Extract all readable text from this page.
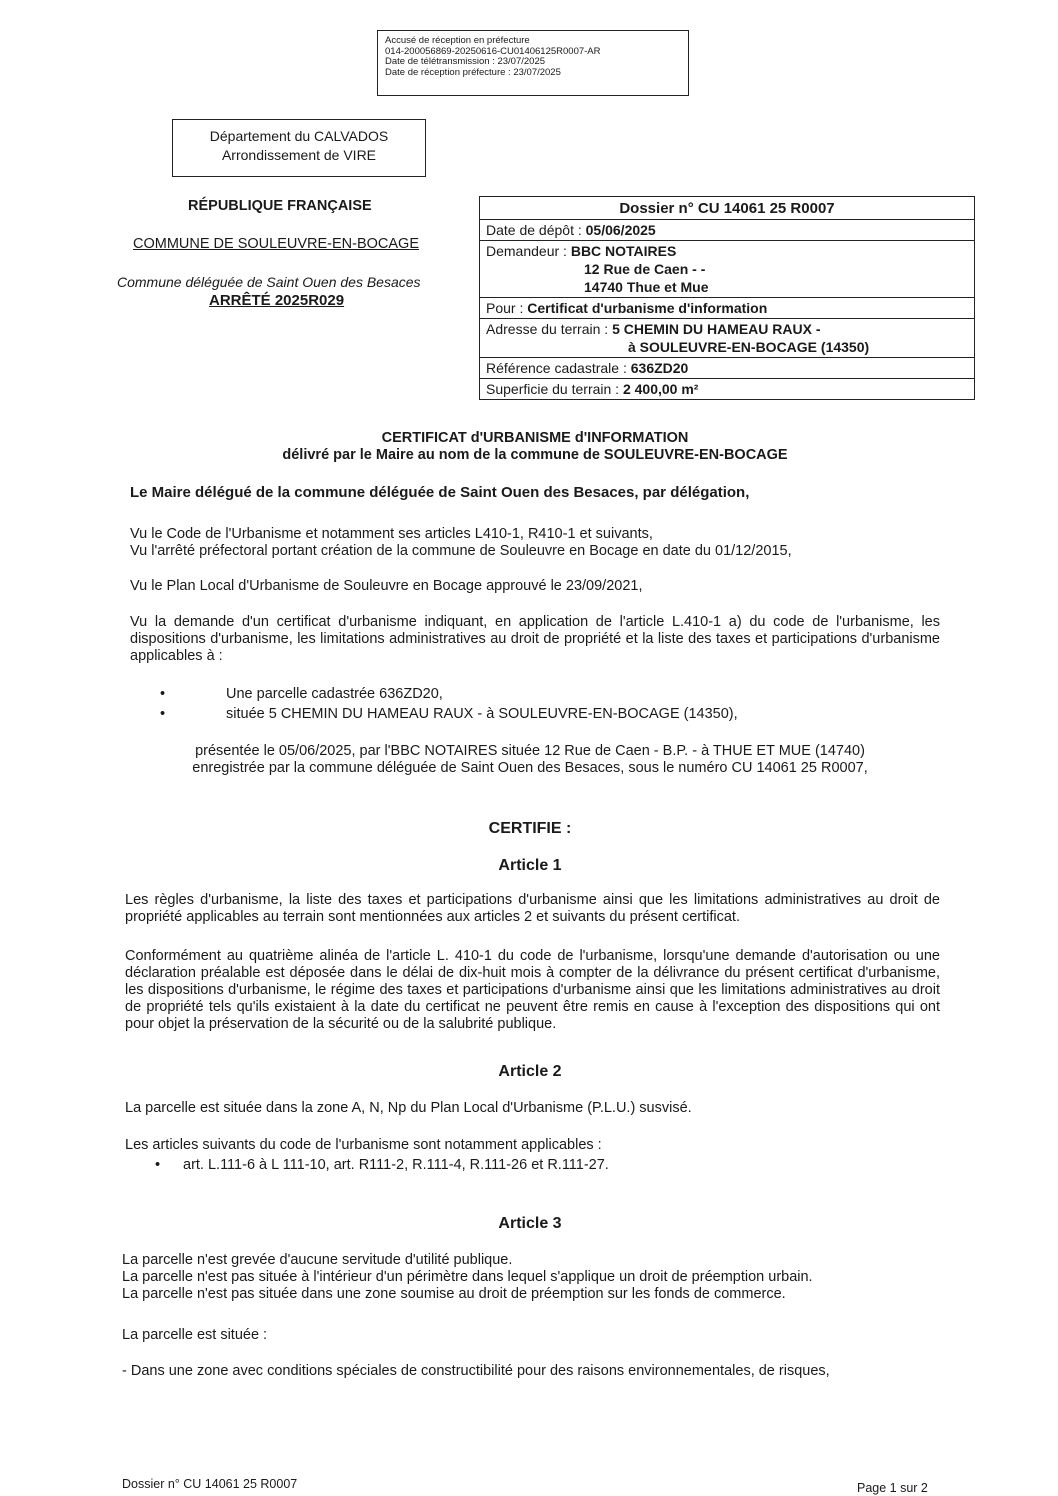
Accusé de réception en préfecture
014-200056869-20250616-CU01406125R0007-AR
Date de télétransmission : 23/07/2025
Date de réception préfecture : 23/07/2025
Département du CALVADOS
Arrondissement de VIRE
RÉPUBLIQUE FRANÇAISE
COMMUNE DE SOULEUVRE-EN-BOCAGE
Commune déléguée de Saint Ouen des Besaces
ARRÊTÉ 2025R029
Dossier n° CU 14061 25 R0007
Date de dépôt : 05/06/2025
Demandeur : BBC NOTAIRES
12 Rue de Caen - -
14740 Thue et Mue
Pour : Certificat d'urbanisme d'information
Adresse du terrain : 5 CHEMIN DU HAMEAU RAUX -
à SOULEUVRE-EN-BOCAGE (14350)
Référence cadastrale : 636ZD20
Superficie du terrain : 2 400,00 m²
CERTIFICAT d'URBANISME d'INFORMATION
délivré par le Maire au nom de la commune de SOULEUVRE-EN-BOCAGE
Le Maire délégué de la commune déléguée de Saint Ouen des Besaces, par délégation,
Vu le Code de l'Urbanisme et notamment ses articles L410-1, R410-1 et suivants,
Vu l'arrêté préfectoral portant création de la commune de Souleuvre en Bocage en date du 01/12/2015,
Vu le Plan Local d'Urbanisme de Souleuvre en Bocage approuvé le 23/09/2021,
Vu la demande d'un certificat d'urbanisme indiquant, en application de l'article L.410-1 a) du code de l'urbanisme, les dispositions d'urbanisme, les limitations administratives au droit de propriété et la liste des taxes et participations d'urbanisme applicables à :
•	Une parcelle cadastrée 636ZD20,
•	située 5 CHEMIN DU HAMEAU RAUX - à SOULEUVRE-EN-BOCAGE (14350),
présentée le 05/06/2025, par l'BBC NOTAIRES située 12 Rue de Caen - B.P. - à THUE ET MUE (14740)
enregistrée par la commune déléguée de Saint Ouen des Besaces, sous le numéro CU 14061 25 R0007,
CERTIFIE :
Article 1
Les règles d'urbanisme, la liste des taxes et participations d'urbanisme ainsi que les limitations administratives au droit de propriété applicables au terrain sont mentionnées aux articles 2 et suivants du présent certificat.
Conformément au quatrième alinéa de l'article L. 410-1 du code de l'urbanisme, lorsqu'une demande d'autorisation ou une déclaration préalable est déposée dans le délai de dix-huit mois à compter de la délivrance du présent certificat d'urbanisme, les dispositions d'urbanisme, le régime des taxes et participations d'urbanisme ainsi que les limitations administratives au droit de propriété tels qu'ils existaient à la date du certificat ne peuvent être remis en cause à l'exception des dispositions qui ont pour objet la préservation de la sécurité ou de la salubrité publique.
Article 2
La parcelle est située dans la zone A, N, Np du Plan Local d'Urbanisme (P.L.U.) susvisé.
Les articles suivants du code de l'urbanisme sont notamment applicables :
• art. L.111-6 à L 111-10, art. R111-2, R.111-4, R.111-26 et R.111-27.
Article 3
La parcelle n'est grevée d'aucune servitude d'utilité publique.
La parcelle n'est pas située à l'intérieur d'un périmètre dans lequel s'applique un droit de préemption urbain.
La parcelle n'est pas située dans une zone soumise au droit de préemption sur les fonds de commerce.
La parcelle est située :
- Dans une zone avec conditions spéciales de constructibilité pour des raisons environnementales, de risques,
Dossier n° CU 14061 25 R0007	Page 1 sur 2
